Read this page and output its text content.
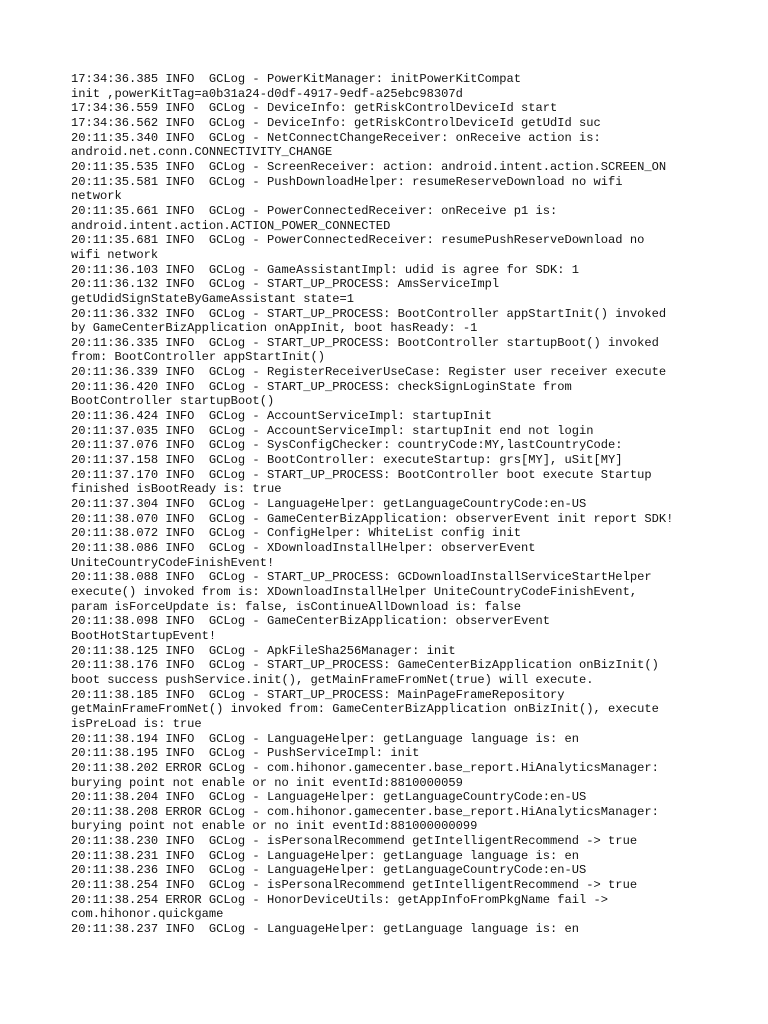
17:34:36.385 INFO  GCLog - PowerKitManager: initPowerKitCompat
init ,powerKitTag=a0b31a24-d0df-4917-9edf-a25ebc98307d
17:34:36.559 INFO  GCLog - DeviceInfo: getRiskControlDeviceId start
17:34:36.562 INFO  GCLog - DeviceInfo: getRiskControlDeviceId getUdId suc
20:11:35.340 INFO  GCLog - NetConnectChangeReceiver: onReceive action is:
android.net.conn.CONNECTIVITY_CHANGE
20:11:35.535 INFO  GCLog - ScreenReceiver: action: android.intent.action.SCREEN_ON
20:11:35.581 INFO  GCLog - PushDownloadHelper: resumeReserveDownload no wifi
network
20:11:35.661 INFO  GCLog - PowerConnectedReceiver: onReceive p1 is:
android.intent.action.ACTION_POWER_CONNECTED
20:11:35.681 INFO  GCLog - PowerConnectedReceiver: resumePushReserveDownload no
wifi network
20:11:36.103 INFO  GCLog - GameAssistantImpl: udid is agree for SDK: 1
20:11:36.132 INFO  GCLog - START_UP_PROCESS: AmsServiceImpl
getUdidSignStateByGameAssistant state=1
20:11:36.332 INFO  GCLog - START_UP_PROCESS: BootController appStartInit() invoked
by GameCenterBizApplication onAppInit, boot hasReady: -1
20:11:36.335 INFO  GCLog - START_UP_PROCESS: BootController startupBoot() invoked
from: BootController appStartInit()
20:11:36.339 INFO  GCLog - RegisterReceiverUseCase: Register user receiver execute
20:11:36.420 INFO  GCLog - START_UP_PROCESS: checkSignLoginState from
BootController startupBoot()
20:11:36.424 INFO  GCLog - AccountServiceImpl: startupInit
20:11:37.035 INFO  GCLog - AccountServiceImpl: startupInit end not login
20:11:37.076 INFO  GCLog - SysConfigChecker: countryCode:MY,lastCountryCode:
20:11:37.158 INFO  GCLog - BootController: executeStartup: grs[MY], uSit[MY]
20:11:37.170 INFO  GCLog - START_UP_PROCESS: BootController boot execute Startup
finished isBootReady is: true
20:11:37.304 INFO  GCLog - LanguageHelper: getLanguageCountryCode:en-US
20:11:38.070 INFO  GCLog - GameCenterBizApplication: observerEvent init report SDK!
20:11:38.072 INFO  GCLog - ConfigHelper: WhiteList config init
20:11:38.086 INFO  GCLog - XDownloadInstallHelper: observerEvent
UniteCountryCodeFinishEvent!
20:11:38.088 INFO  GCLog - START_UP_PROCESS: GCDownloadInstallServiceStartHelper
execute() invoked from is: XDownloadInstallHelper UniteCountryCodeFinishEvent,
param isForceUpdate is: false, isContinueAllDownload is: false
20:11:38.098 INFO  GCLog - GameCenterBizApplication: observerEvent
BootHotStartupEvent!
20:11:38.125 INFO  GCLog - ApkFileSha256Manager: init
20:11:38.176 INFO  GCLog - START_UP_PROCESS: GameCenterBizApplication onBizInit()
boot success pushService.init(), getMainFrameFromNet(true) will execute.
20:11:38.185 INFO  GCLog - START_UP_PROCESS: MainPageFrameRepository
getMainFrameFromNet() invoked from: GameCenterBizApplication onBizInit(), execute
isPreLoad is: true
20:11:38.194 INFO  GCLog - LanguageHelper: getLanguage language is: en
20:11:38.195 INFO  GCLog - PushServiceImpl: init
20:11:38.202 ERROR GCLog - com.hihonor.gamecenter.base_report.HiAnalyticsManager:
burying point not enable or no init eventId:8810000059
20:11:38.204 INFO  GCLog - LanguageHelper: getLanguageCountryCode:en-US
20:11:38.208 ERROR GCLog - com.hihonor.gamecenter.base_report.HiAnalyticsManager:
burying point not enable or no init eventId:881000000099
20:11:38.230 INFO  GCLog - isPersonalRecommend getIntelligentRecommend -> true
20:11:38.231 INFO  GCLog - LanguageHelper: getLanguage language is: en
20:11:38.236 INFO  GCLog - LanguageHelper: getLanguageCountryCode:en-US
20:11:38.254 INFO  GCLog - isPersonalRecommend getIntelligentRecommend -> true
20:11:38.254 ERROR GCLog - HonorDeviceUtils: getAppInfoFromPkgName fail ->
com.hihonor.quickgame
20:11:38.237 INFO  GCLog - LanguageHelper: getLanguage language is: en
